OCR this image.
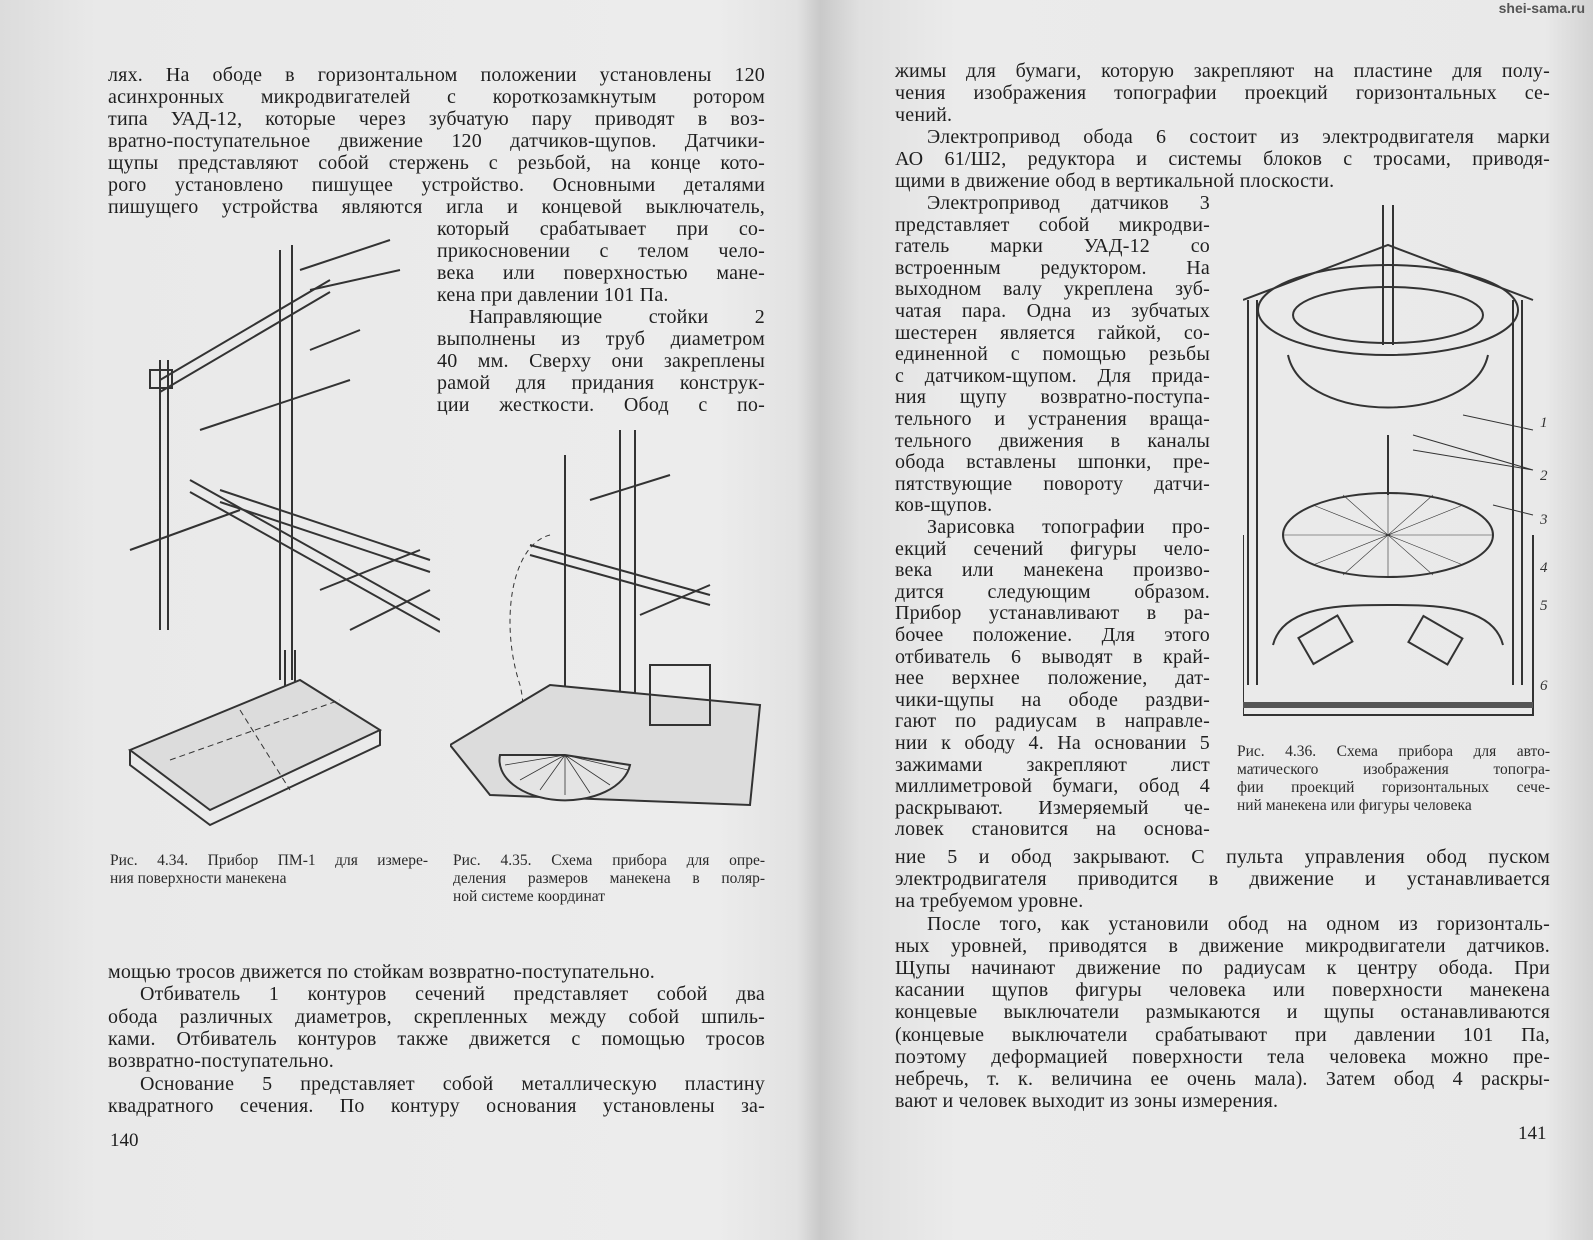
лях. На ободе в горизонтальном положении установлены 120
асинхронных микродвигателей с короткозамкнутым ротором
типа УАД-12, которые через зубчатую пару приводят в воз-
вратно-поступательное движение 120 датчиков-щупов. Датчики-
щупы представляют собой стержень с резьбой, на конце кото-
рого установлено пишущее устройство. Основными деталями
пишущего устройства являются игла и концевой выключатель,
который срабатывает при со-
прикосновении с телом чело-
века или поверхностью мане-
кена при давлении 101 Па.
Направляющие стойки 2
выполнены из труб диаметром
40 мм. Сверху они закреплены
рамой для придания конструк-
ции жесткости. Обод с по-
мощью тросов движется по стойкам возвратно-поступательно.
Отбиватель 1 контуров сечений представляет собой два
обода различных диаметров, скрепленных между собой шпиль-
ками. Отбиватель контуров также движется с помощью тросов
возвратно-поступательно.
Основание 5 представляет собой металлическую пластину
квадратного сечения. По контуру основания установлены за-
Рис. 4.34. Прибор ПМ-1 для измере-
ния поверхности манекена
Рис. 4.35. Схема прибора для опре-
деления размеров манекена в поляр-
ной системе координат
140
жимы для бумаги, которую закрепляют на пластине для полу-
чения изображения топографии проекций горизонтальных се-
чений.
Электропривод обода 6 состоит из электродвигателя марки
АО 61/Ш2, редуктора и системы блоков с тросами, приводя-
щими в движение обод в вертикальной плоскости.
Электропривод датчиков 3
представляет собой микродви-
гатель марки УАД-12 со
встроенным редуктором. На
выходном валу укреплена зуб-
чатая пара. Одна из зубчатых
шестерен является гайкой, со-
единенной с помощью резьбы
с датчиком-щупом. Для прида-
ния щупу возвратно-поступа-
тельного и устранения враща-
тельного движения в каналы
обода вставлены шпонки, пре-
пятствующие повороту датчи-
ков-щупов.
Зарисовка топографии про-
екций сечений фигуры чело-
века или манекена произво-
дится следующим образом.
Прибор устанавливают в ра-
бочее положение. Для этого
отбиватель 6 выводят в край-
нее верхнее положение, дат-
чики-щупы на ободе раздви-
гают по радиусам в направле-
нии к ободу 4. На основании 5
зажимами закрепляют лист
миллиметровой бумаги, обод 4
раскрывают. Измеряемый че-
ловек становится на основа-
Рис. 4.36. Схема прибора для авто-
матического изображения топогра-
фии проекций горизонтальных сече-
ний манекена или фигуры человека
ние 5 и обод закрывают. С пульта управления обод пуском
электродвигателя приводится в движение и устанавливается
на требуемом уровне.
После того, как установили обод на одном из горизонталь-
ных уровней, приводятся в движение микродвигатели датчиков.
Щупы начинают движение по радиусам к центру обода. При
касании щупов фигуры человека или поверхности манекена
концевые выключатели размыкаются и щупы останавливаются
(концевые выключатели срабатывают при давлении 101 Па,
поэтому деформацией поверхности тела человека можно пре-
небречь, т. к. величина ее очень мала). Затем обод 4 раскры-
вают и человек выходит из зоны измерения.
141
shei-sama.ru
1
2
3
4
5
6
